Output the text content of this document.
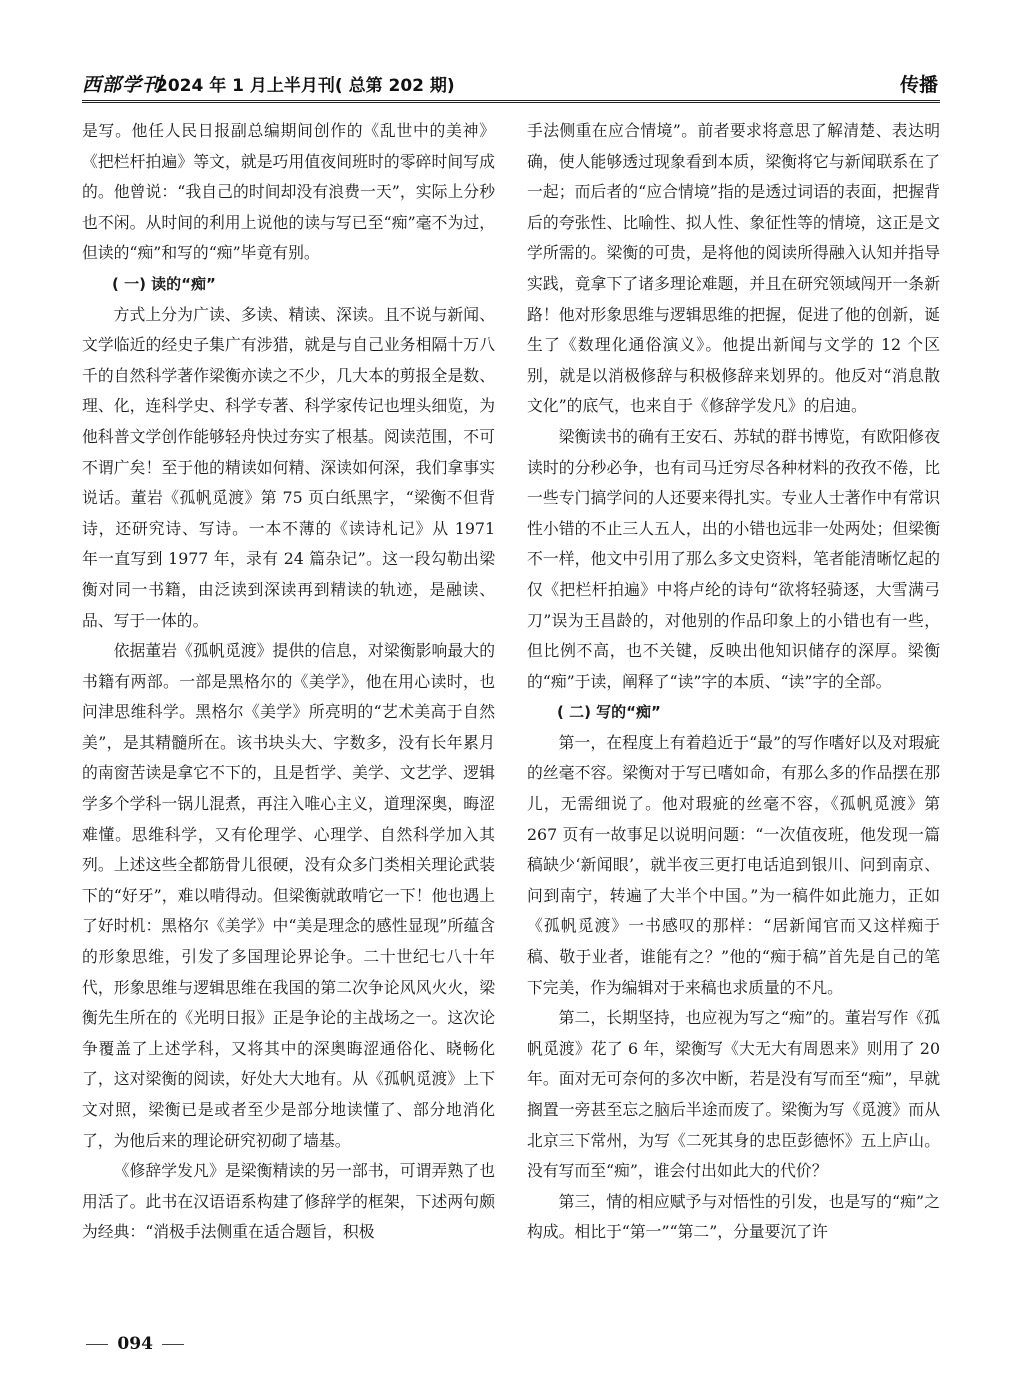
西部学刊
2024 年 1 月上半月刊( 总第 202 期)	传播

是写。他任人民日报副总编期间创作的《乱世中的美神》《把栏杆拍遍》等文，就是巧用值夜间班时的零碎时间写成的。他曾说：“我自己的时间却没有浪费一天”，实际上分秒也不闲。从时间的利用上说他的读与写已至“痴”毫不为过，但读的“痴”和写的“痴”毕竟有别。

( 一) 读的“痴”

方式上分为广读、多读、精读、深读。且不说与新闻、文学临近的经史子集广有涉猎，就是与自己业务相隔十万八千的自然科学著作梁衡亦读之不少，几大本的剪报全是数、理、化，连科学史、科学专著、科学家传记也埋头细览，为他科普文学创作能够轻舟快过夯实了根基。阅读范围，不可不谓广矣！至于他的精读如何精、深读如何深，我们拿事实说话。董岩《孤帆觅渡》第 75 页白纸黑字，“梁衡不但背诗，还研究诗、写诗。一本不薄的《读诗札记》从 1971 年一直写到 1977 年，录有 24 篇杂记”。这一段勾勒出梁衡对同一书籍，由泛读到深读再到精读的轨迹，是融读、品、写于一体的。

依据董岩《孤帆觅渡》提供的信息，对梁衡影响最大的书籍有两部。一部是黑格尔的《美学》，他在用心读时，也问津思维科学。黑格尔《美学》所亮明的“艺术美高于自然美”，是其精髓所在。该书块头大、字数多，没有长年累月的南窗苦读是拿它不下的，且是哲学、美学、文艺学、逻辑学多个学科一锅儿混煮，再注入唯心主义，道理深奥，晦涩难懂。思维科学，又有伦理学、心理学、自然科学加入其列。上述这些全都筋骨儿很硬，没有众多门类相关理论武装下的“好牙”，难以啃得动。但梁衡就敢啃它一下！他也遇上了好时机：黑格尔《美学》中“美是理念的感性显现”所蕴含的形象思维，引发了多国理论界论争。二十世纪七八十年代，形象思维与逻辑思维在我国的第二次争论风风火火，梁衡先生所在的《光明日报》正是争论的主战场之一。这次论争覆盖了上述学科，又将其中的深奥晦涩通俗化、晓畅化了，这对梁衡的阅读，好处大大地有。从《孤帆觅渡》上下文对照，梁衡已是或者至少是部分地读懂了、部分地消化了，为他后来的理论研究初砌了墙基。

《修辞学发凡》是梁衡精读的另一部书，可谓弄熟了也用活了。此书在汉语语系构建了修辞学的框架，下述两句颇为经典：“消极手法侧重在适合题旨，积极

手法侧重在应合情境”。前者要求将意思了解清楚、表达明确，使人能够透过现象看到本质，梁衡将它与新闻联系在了一起；而后者的“应合情境”指的是透过词语的表面，把握背后的夸张性、比喻性、拟人性、象征性等的情境，这正是文学所需的。梁衡的可贵，是将他的阅读所得融入认知并指导实践，竟拿下了诸多理论难题，并且在研究领域闯开一条新路！他对形象思维与逻辑思维的把握，促进了他的创新，诞生了《数理化通俗演义》。他提出新闻与文学的 12 个区别，就是以消极修辞与积极修辞来划界的。他反对“消息散文化”的底气，也来自于《修辞学发凡》的启迪。

梁衡读书的确有王安石、苏轼的群书博览，有欧阳修夜读时的分秒必争，也有司马迁穷尽各种材料的孜孜不倦，比一些专门搞学问的人还要来得扎实。专业人士著作中有常识性小错的不止三人五人，出的小错也远非一处两处；但梁衡不一样，他文中引用了那么多文史资料，笔者能清晰忆起的仅《把栏杆拍遍》中将卢纶的诗句“欲将轻骑逐，大雪满弓刀”误为王昌龄的，对他别的作品印象上的小错也有一些，但比例不高，也不关键，反映出他知识储存的深厚。梁衡的“痴”于读，阐释了“读”字的本质、“读”字的全部。

( 二) 写的“痴”

第一，在程度上有着趋近于“最”的写作嗜好以及对瑕疵的丝毫不容。梁衡对于写已嗜如命，有那么多的作品摆在那儿，无需细说了。他对瑕疵的丝毫不容，《孤帆觅渡》第 267 页有一故事足以说明问题：“一次值夜班，他发现一篇稿缺少‘新闻眼’，就半夜三更打电话追到银川、问到南京、问到南宁，转遍了大半个中国。”为一稿件如此施力，正如《孤帆觅渡》一书感叹的那样：“居新闻官而又这样痴于稿、敬于业者，谁能有之？”他的“痴于稿”首先是自己的笔下完美，作为编辑对于来稿也求质量的不凡。

第二，长期坚持，也应视为写之“痴”的。董岩写作《孤帆觅渡》花了 6 年，梁衡写《大无大有周恩来》则用了 20 年。面对无可奈何的多次中断，若是没有写而至“痴”，早就搁置一旁甚至忘之脑后半途而废了。梁衡为写《觅渡》而从北京三下常州，为写《二死其身的忠臣彭德怀》五上庐山。没有写而至“痴”，谁会付出如此大的代价？

第三，情的相应赋予与对悟性的引发，也是写的“痴”之构成。相比于“第一”“第二”，分量要沉了许

094
